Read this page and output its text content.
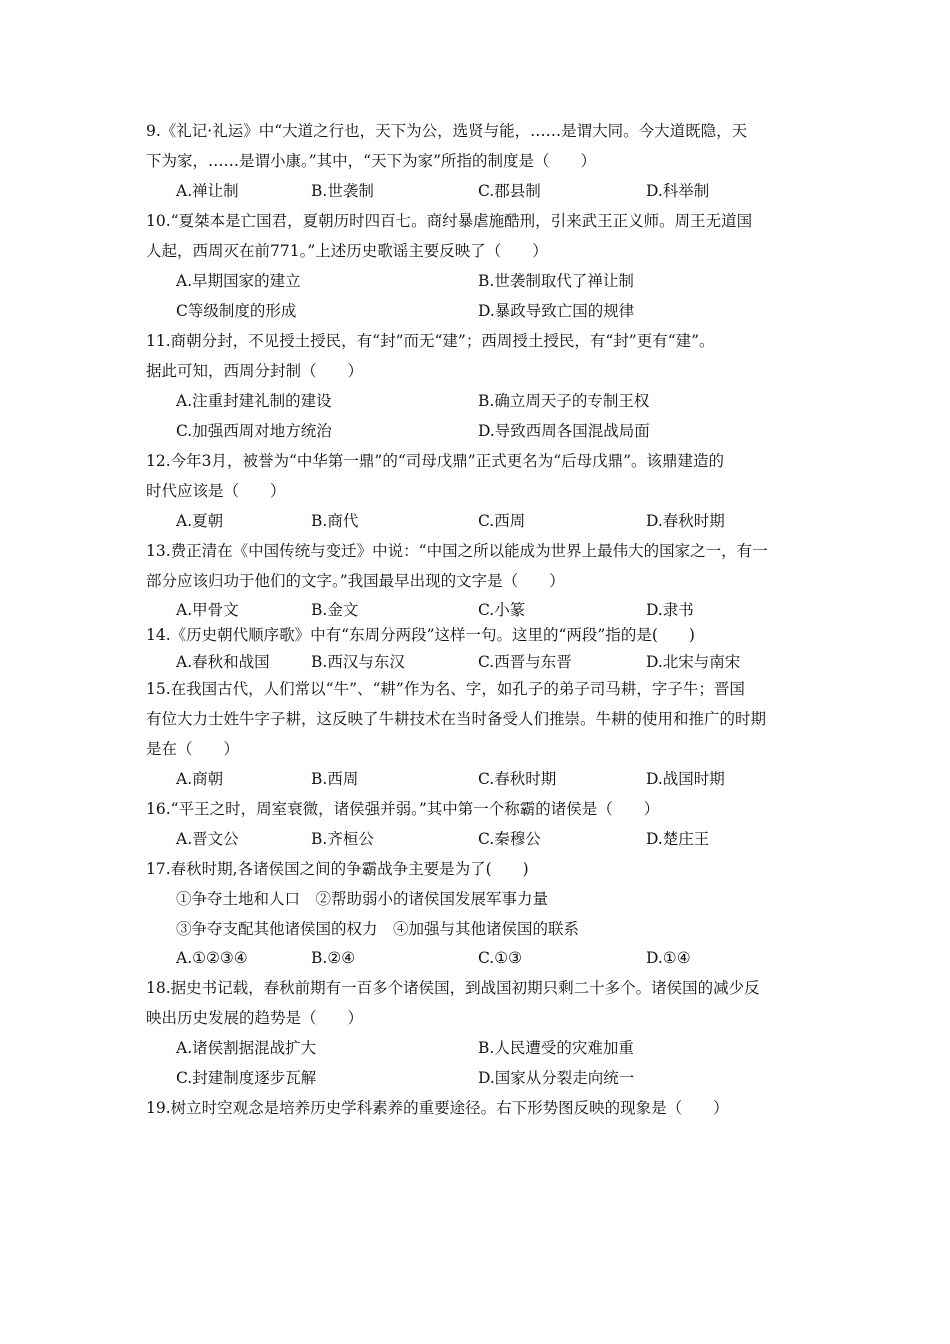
9.《礼记·礼运》中“大道之行也，天下为公，选贤与能，……是谓大同。今大道既隐，天
下为家，……是谓小康。”其中，“天下为家”所指的制度是（　　）
A.禅让制	B.世袭制	C.郡县制	D.科举制
10.“夏桀本是亡国君，夏朝历时四百七。商纣暴虐施酷刑，引来武王正义师。周王无道国
人起，西周灭在前771。”上述历史歌谣主要反映了（　　）
A.早期国家的建立	B.世袭制取代了禅让制
C等级制度的形成	D.暴政导致亡国的规律
11.商朝分封，不见授土授民，有“封”而无“建”；西周授土授民，有“封”更有“建”。
据此可知，西周分封制（　　）
A.注重封建礼制的建设	B.确立周天子的专制王权
C.加强西周对地方统治	D.导致西周各国混战局面
12.今年3月，被誉为“中华第一鼎”的“司母戊鼎”正式更名为“后母戊鼎”。该鼎建造的
时代应该是（　　）
A.夏朝	B.商代	C.西周	D.春秋时期
13.费正清在《中国传统与变迁》中说：“中国之所以能成为世界上最伟大的国家之一，有一
部分应该归功于他们的文字。”我国最早出现的文字是（　　）
A.甲骨文	B.金文	C.小篆	D.隶书
14.《历史朝代顺序歌》中有“东周分两段”这样一句。这里的“两段”指的是(　　)
A.春秋和战国	B.西汉与东汉	C.西晋与东晋	D.北宋与南宋
15.在我国古代，人们常以“牛”、“耕”作为名、字，如孔子的弟子司马耕，字子牛；晋国
有位大力士姓牛字子耕，这反映了牛耕技术在当时备受人们推崇。牛耕的使用和推广的时期
是在（　　）
A.商朝	B.西周	C.春秋时期	D.战国时期
16.“平王之时，周室衰微，诸侯强并弱。”其中第一个称霸的诸侯是（　　）
A.晋文公	B.齐桓公	C.秦穆公	D.楚庄王
17.春秋时期,各诸侯国之间的争霸战争主要是为了(　　)
①争夺土地和人口　②帮助弱小的诸侯国发展军事力量
③争夺支配其他诸侯国的权力　④加强与其他诸侯国的联系
A.①②③④	B.②④	C.①③	D.①④
18.据史书记载，春秋前期有一百多个诸侯国，到战国初期只剩二十多个。诸侯国的减少反
映出历史发展的趋势是（　　）
A.诸侯割据混战扩大	B.人民遭受的灾难加重
C.封建制度逐步瓦解	D.国家从分裂走向统一
19.树立时空观念是培养历史学科素养的重要途径。右下形势图反映的现象是（　　）
